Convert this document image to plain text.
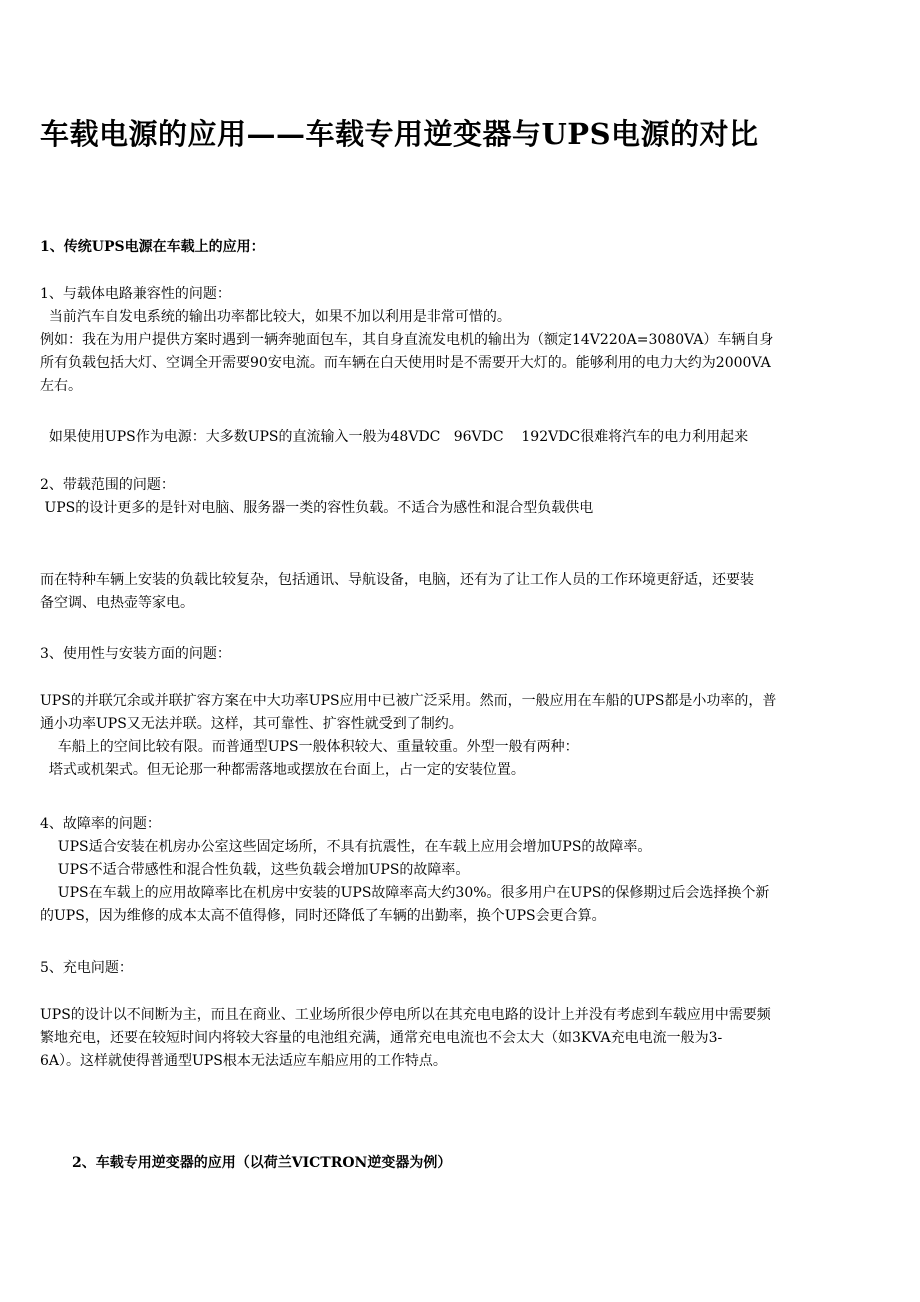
车载电源的应用——车载专用逆变器与UPS电源的对比
1、传统UPS电源在车载上的应用：
1、与载体电路兼容性的问题：
当前汽车自发电系统的输出功率都比较大，如果不加以利用是非常可惜的。
例如：我在为用户提供方案时遇到一辆奔驰面包车，其自身直流发电机的输出为（额定14V220A=3080VA）车辆自身
所有负载包括大灯、空调全开需要90安电流。而车辆在白天使用时是不需要开大灯的。能够利用的电力大约为2000VA
左右。
如果使用UPS作为电源：大多数UPS的直流输入一般为48VDC   96VDC    192VDC很难将汽车的电力利用起来
2、带载范围的问题：
UPS的设计更多的是针对电脑、服务器一类的容性负载。不适合为感性和混合型负载供电
而在特种车辆上安装的负载比较复杂，包括通讯、导航设备，电脑，还有为了让工作人员的工作环境更舒适，还要装
备空调、电热壶等家电。
3、使用性与安装方面的问题：
UPS的并联冗余或并联扩容方案在中大功率UPS应用中已被广泛采用。然而，一般应用在车船的UPS都是小功率的，普
通小功率UPS又无法并联。这样，其可靠性、扩容性就受到了制约。
车船上的空间比较有限。而普通型UPS一般体积较大、重量较重。外型一般有两种：
塔式或机架式。但无论那一种都需落地或摆放在台面上，占一定的安装位置。
4、故障率的问题：
UPS适合安装在机房办公室这些固定场所，不具有抗震性，在车载上应用会增加UPS的故障率。
UPS不适合带感性和混合性负载，这些负载会增加UPS的故障率。
UPS在车载上的应用故障率比在机房中安装的UPS故障率高大约30%。很多用户在UPS的保修期过后会选择换个新
的UPS，因为维修的成本太高不值得修，同时还降低了车辆的出勤率，换个UPS会更合算。
5、充电问题：
UPS的设计以不间断为主，而且在商业、工业场所很少停电所以在其充电电路的设计上并没有考虑到车载应用中需要频
繁地充电，还要在较短时间内将较大容量的电池组充满，通常充电电流也不会太大（如3KVA充电电流一般为3-
6A）。这样就使得普通型UPS根本无法适应车船应用的工作特点。
2、车载专用逆变器的应用（以荷兰VICTRON逆变器为例）
